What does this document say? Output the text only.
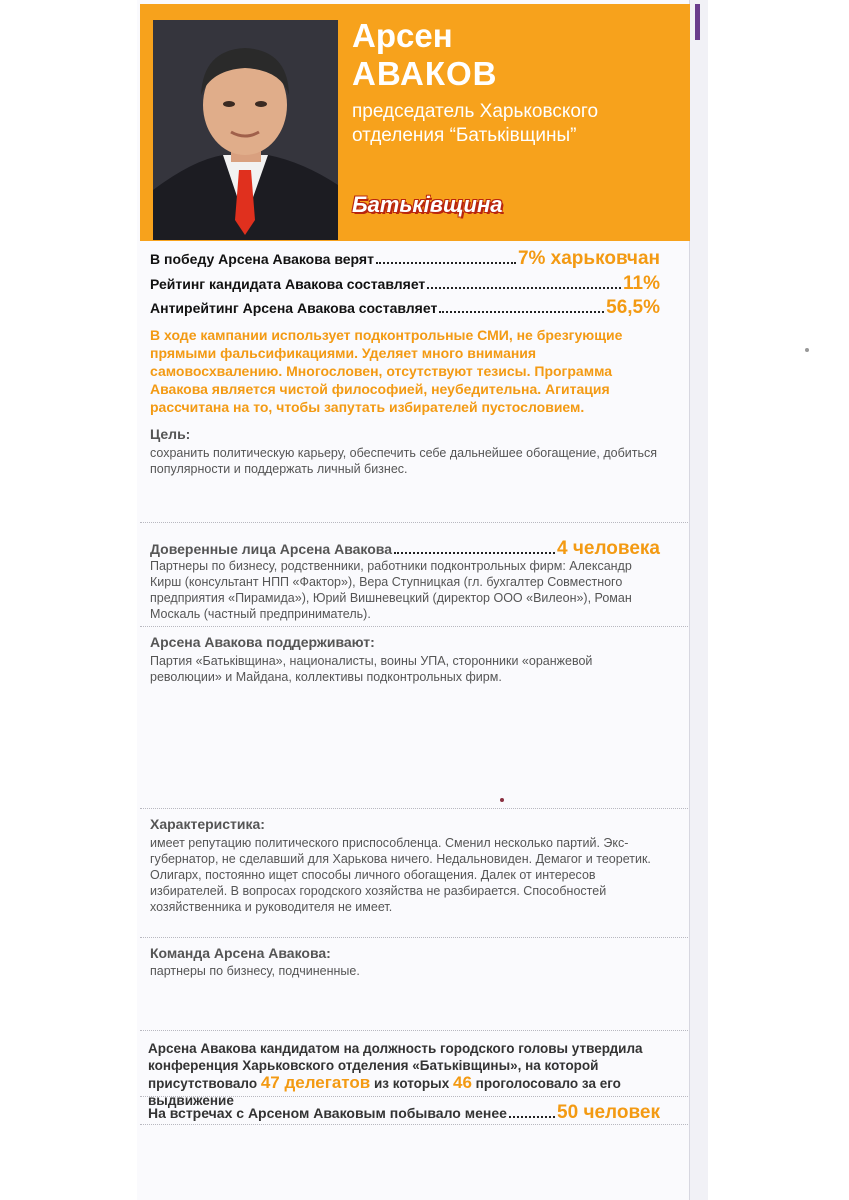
Арсен
АВАКОВ
председатель Харьковского отделения “Батьківщины”
Батьківщина
В победу Арсена Авакова верят	7% харьковчан
Рейтинг кандидата Авакова составляет	11%
Антирейтинг Арсена Авакова составляет	56,5%
В ходе кампании использует подконтрольные СМИ, не брезгующие прямыми фальсификациями. Уделяет много внимания самовосхвалению. Многословен, отсутствуют тезисы. Программа Авакова является чистой философией, неубедительна. Агитация рассчитана на то, чтобы запутать избирателей пустословием.
Цель:
сохранить политическую карьеру, обеспечить себе дальнейшее обогащение, добиться популярности и поддержать личный бизнес.
Доверенные лица Арсена Авакова	4 человека
Партнеры по бизнесу, родственники, работники подконтрольных фирм: Александр Кирш (консультант НПП «Фактор»), Вера Ступницкая (гл. бухгалтер Совместного предприятия «Пирамида»), Юрий Вишневецкий (директор ООО «Вилеон»), Роман Москаль (частный предприниматель).
Арсена Авакова поддерживают:
Партия «Батьківщина», националисты, воины УПА, сторонники «оранжевой революции» и Майдана, коллективы подконтрольных фирм.
Характеристика:
имеет репутацию политического приспособленца. Сменил несколько партий. Экс-губернатор, не сделавший для Харькова ничего. Недальновиден. Демагог и теоретик. Олигарх, постоянно ищет способы личного обогащения. Далек от интересов избирателей. В вопросах городского хозяйства не разбирается. Способностей хозяйственника и руководителя не имеет.
Команда Арсена Авакова:
партнеры по бизнесу, подчиненные.
Арсена Авакова кандидатом на должность городского головы утвердила конференция Харьковского отделения «Батьківщины», на которой присутствовало 47 делегатов из которых 46 проголосовало за его выдвижение
На встречах с Арсеном Аваковым побывало менее	50 человек
